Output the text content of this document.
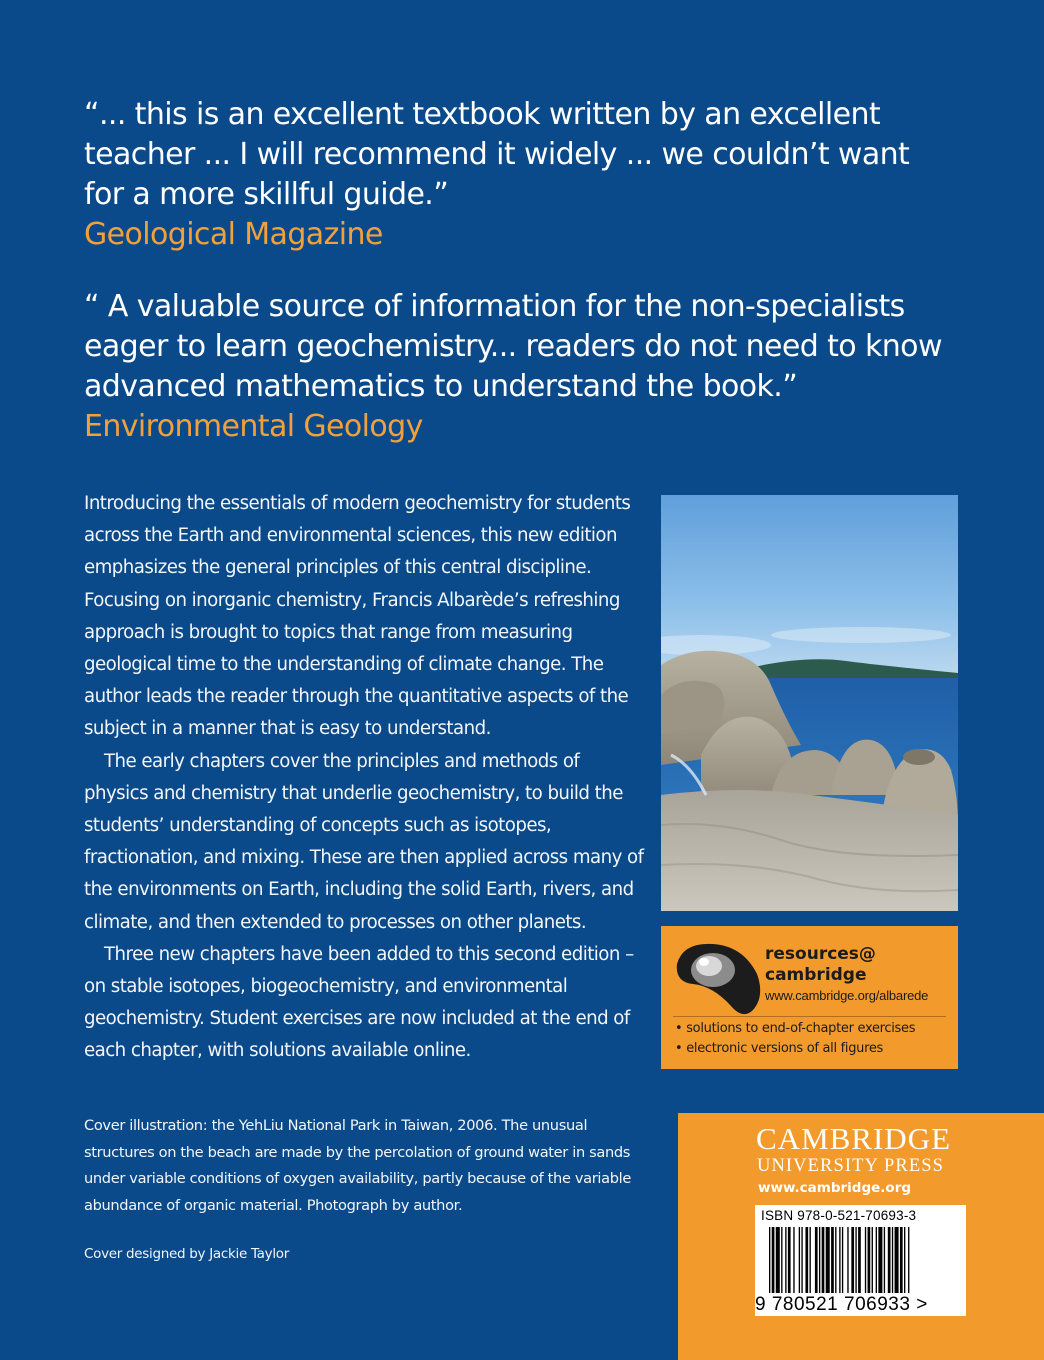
“... this is an excellent textbook written by an excellent teacher ... I will recommend it widely ... we couldn’t want for a more skillful guide.”
Geological Magazine
“ A valuable source of information for the non-specialists eager to learn geochemistry... readers do not need to know advanced mathematics to understand the book.”
Environmental Geology

Introducing the essentials of modern geochemistry for students across the Earth and environmental sciences, this new edition emphasizes the general principles of this central discipline. Focusing on inorganic chemistry, Francis Albarède’s refreshing approach is brought to topics that range from measuring geological time to the understanding of climate change. The author leads the reader through the quantitative aspects of the subject in a manner that is easy to understand.

The early chapters cover the principles and methods of physics and chemistry that underlie geochemistry, to build the students’ understanding of concepts such as isotopes, fractionation, and mixing. These are then applied across many of the environments on Earth, including the solid Earth, rivers, and climate, and then extended to processes on other planets.

Three new chapters have been added to this second edition – on stable isotopes, biogeochemistry, and environmental geochemistry. Student exercises are now included at the end of each chapter, with solutions available online.

resources@
cambridge
www.cambridge.org/albarede
• solutions to end-of-chapter exercises
• electronic versions of all figures
Cover illustration: the YehLiu National Park in Taiwan, 2006. The unusual structures on the beach are made by the percolation of ground water in sands under variable conditions of oxygen availability, partly because of the variable abundance of organic material. Photograph by author.
Cover designed by Jackie Taylor
CAMBRIDGE
UNIVERSITY PRESS
www.cambridge.org
ISBN 978-0-521-70693-3
9 780521 706933 >
